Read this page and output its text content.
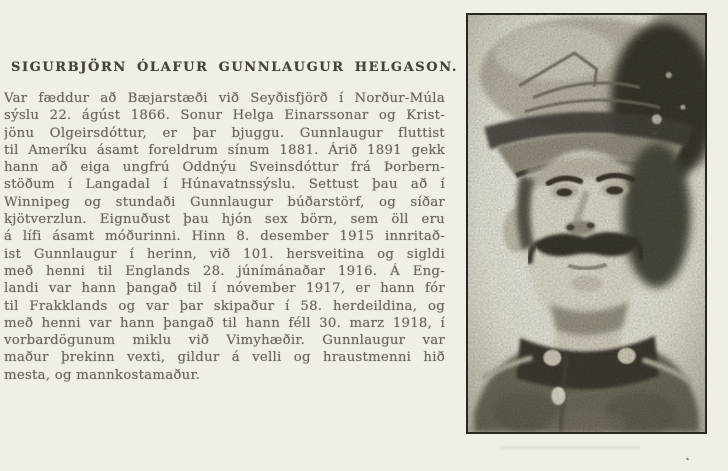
SIGURBJÖRN ÓLAFUR GUNNLAUGUR HELGASON.
Var fæddur að Bæjarstæði við Seyðisfjörð í Norður-Múla
sýslu 22. ágúst 1866. Sonur Helga Einarssonar og Krist-
jönu Olgeirsdóttur, er þar bjuggu. Gunnlaugur fluttist
til Ameríku ásamt foreldrum sínum 1881. Árið 1891 gekk
hann að eiga ungfrú Oddnýu Sveinsdóttur frá Þorbern-
stöðum í Langadal í Húnavatnssýslu. Settust þau að í
Winnipeg og stundaði Gunnlaugur búðarstörf, og síðar
kjötverzlun. Eignuðust þau hjón sex börn, sem öll eru
á lífi ásamt móðurinni. Hinn 8. desember 1915 innritað-
ist Gunnlaugur í herinn, við 101. hersveitina og sigldi
með henni til Englands 28. júnímánaðar 1916. Á Eng-
landi var hann þangað til í nóvember 1917, er hann fór
til Frakklands og var þar skipaður í 58. herdeildina, og
með henni var hann þangað til hann féll 30. marz 1918, í
vorbardögunum miklu við Vimyhæðir. Gunnlaugur var
maður þrekinn vexti, gildur á velli og hraustmenni hið
mesta, og mannkostamaður.
